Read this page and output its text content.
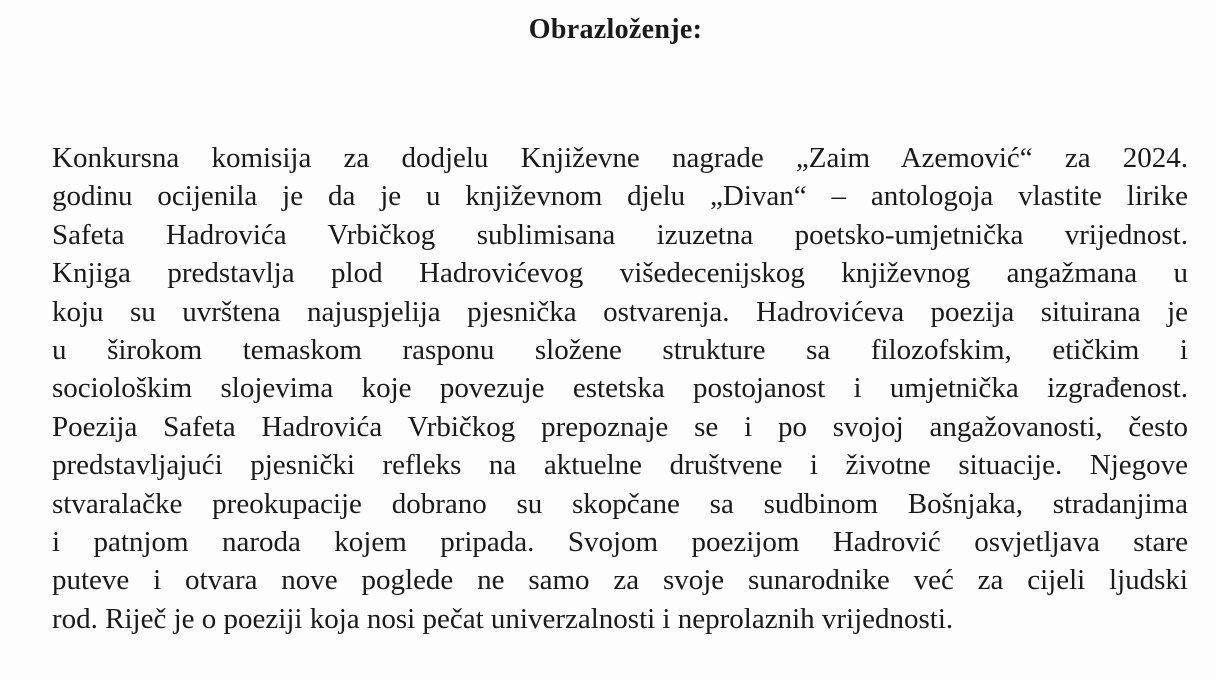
Obrazloženje:
Konkursna komisija za dodjelu Književne nagrade „Zaim Azemović“ za 2024.
godinu ocijenila je da je u književnom djelu „Divan“ – antologoja vlastite lirike
Safeta Hadrovića Vrbičkog sublimisana izuzetna poetsko-umjetnička vrijednost.
Knjiga predstavlja plod Hadrovićevog višedecenijskog književnog angažmana u
koju su uvrštena najuspjelija pjesnička ostvarenja. Hadrovićeva poezija situirana je
u širokom temaskom rasponu složene strukture sa filozofskim, etičkim i
sociološkim slojevima koje povezuje estetska postojanost i umjetnička izgrađenost.
Poezija Safeta Hadrovića Vrbičkog prepoznaje se i po svojoj angažovanosti, često
predstavljajući pjesnički refleks na aktuelne društvene i životne situacije. Njegove
stvaralačke preokupacije dobrano su skopčane sa sudbinom Bošnjaka, stradanjima
i patnjom naroda kojem pripada. Svojom poezijom Hadrović osvjetljava stare
puteve i otvara nove poglede ne samo za svoje sunarodnike već za cijeli ljudski
rod. Riječ je o poeziji koja nosi pečat univerzalnosti i neprolaznih vrijednosti.
